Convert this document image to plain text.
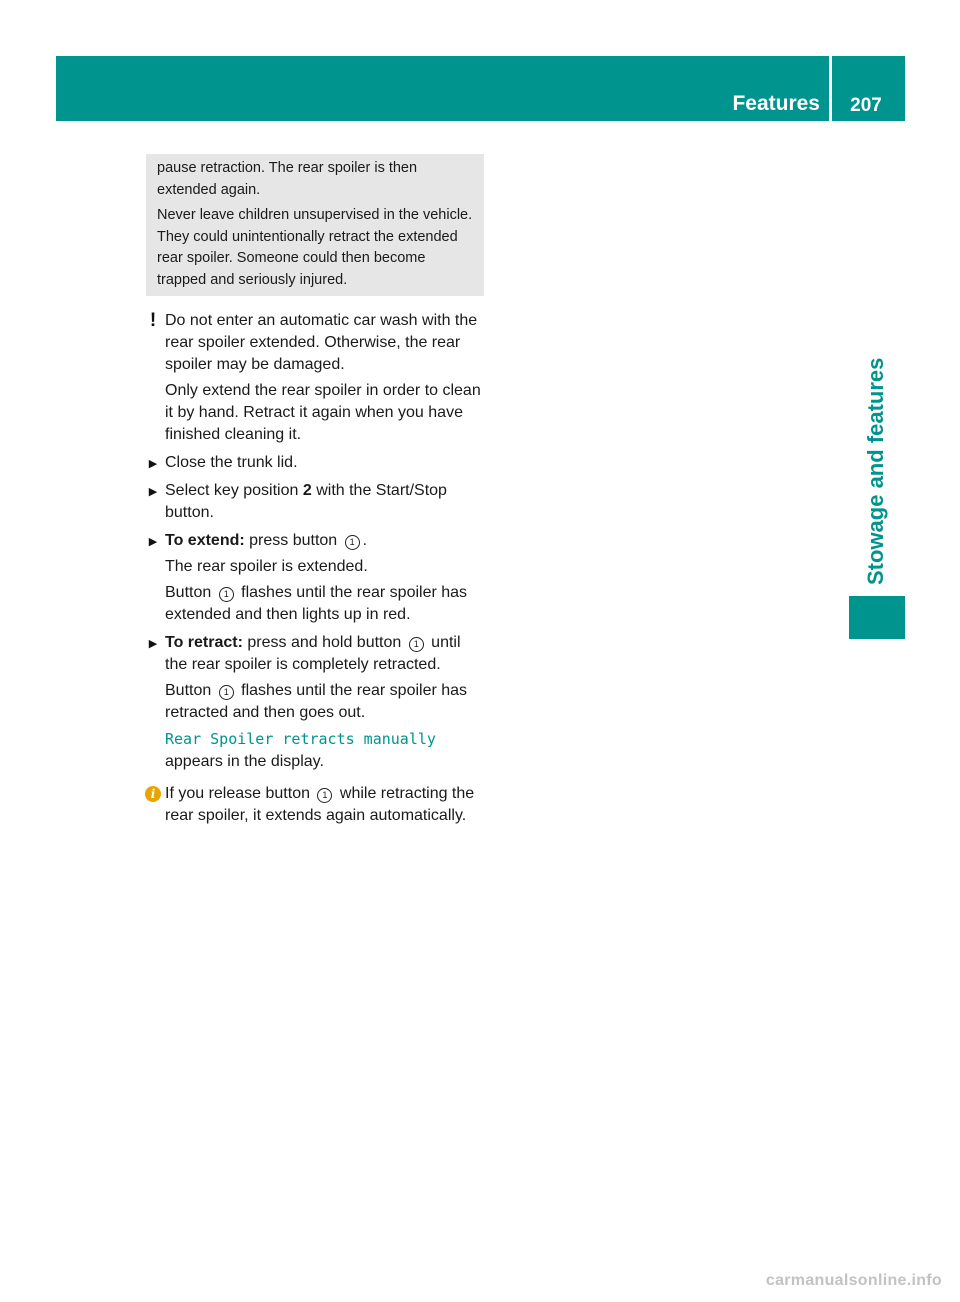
Features	207
Stowage and features

pause retraction. The rear spoiler is then extended again.

Never leave children unsupervised in the vehicle. They could unintentionally retract the extended rear spoiler. Someone could then become trapped and seriously injured.

! Do not enter an automatic car wash with the rear spoiler extended. Otherwise, the rear spoiler may be damaged.

Only extend the rear spoiler in order to clean it by hand. Retract it again when you have finished cleaning it.

▶ Close the trunk lid.

▶ Select key position 2 with the Start/Stop button.

▶ To extend: press button 1 .

The rear spoiler is extended.

Button 1 flashes until the rear spoiler has extended and then lights up in red.

▶ To retract: press and hold button 1 until the rear spoiler is completely retracted.

Button 1 flashes until the rear spoiler has retracted and then goes out.

Rear Spoiler retracts manually

appears in the display.

i If you release button 1 while retracting the rear spoiler, it extends again automatically.

carmanualsonline.info
